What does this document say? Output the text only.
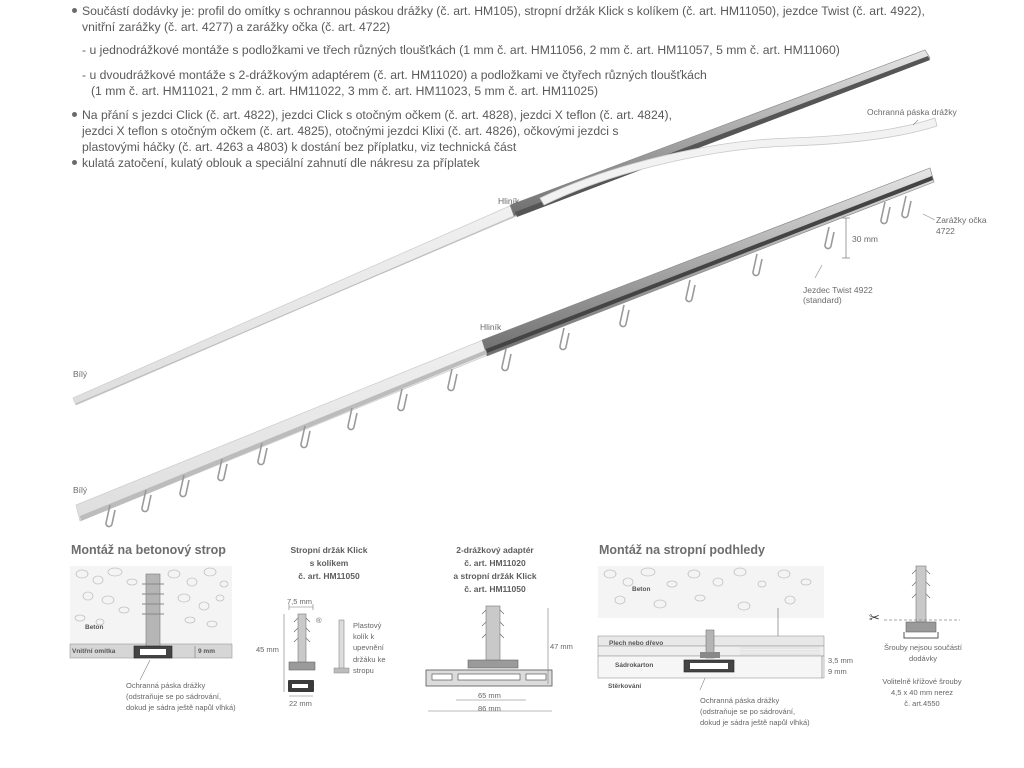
Součástí dodávky je: profil do omítky s ochrannou páskou drážky (č. art. HM105), stropní držák Klick s kolíkem (č. art. HM11050), jezdce Twist (č. art. 4922),
vnitřní zarážky (č. art. 4277) a zarážky očka (č. art. 4722)
- u jednodrážkové montáže s podložkami ve třech různých tloušťkách (1 mm č. art. HM11056, 2 mm č. art. HM11057, 5 mm č. art. HM11060)
- u dvoudrážkové montáže s 2-drážkovým adaptérem (č. art. HM11020) a podložkami ve čtyřech různých tloušťkách
(1 mm č. art. HM11021, 2 mm č. art. HM11022, 3 mm č. art. HM11023, 5 mm č. art. HM11025)
Na přání s jezdci Click (č. art. 4822), jezdci Click s otočným očkem (č. art. 4828), jezdci X teflon (č. art. 4824),
jezdci X teflon s otočným očkem (č. art. 4825), otočnými jezdci Klixi (č. art. 4826), očkovými jezdci s
plastovými háčky (č. art. 4263 a 4803) k dostání bez příplatku, viz technická část
kulatá zatočení, kulatý oblouk a speciální zahnutí dle nákresu za příplatek
Ochranná páska drážky
Hliník
Bílý
Hliník
Bílý
Zarážky očka
4722
30 mm
Jezdec Twist 4922
(standard)
Montáž na betonový strop
Beton
Vnitřní omítka	9 mm
Ochranná páska drážky
(odstraňuje se po sádrování,
dokud je sádra ještě napůl vlhká)
Stropní držák Klick
s kolíkem
č. art. HM11050
7,5 mm
45 mm
22 mm
®
Plastový
kolík k
upevnění
držáku ke
stropu
2-drážkový adaptér
č. art. HM11020
a stropní držák Klick
č. art. HM11050
47 mm
65 mm
86 mm
Montáž na stropní podhledy
Beton
Plech nebo dřevo
Sádrokarton
Stěrkování
3,5 mm
9 mm
Ochranná páska drážky
(odstraňuje se po sádrování,
dokud je sádra ještě napůl vlhká)
✂
Šrouby nejsou součástí
dodávky
Volitelně křížové šrouby
4,5 x 40 mm nerez
č. art.4550
